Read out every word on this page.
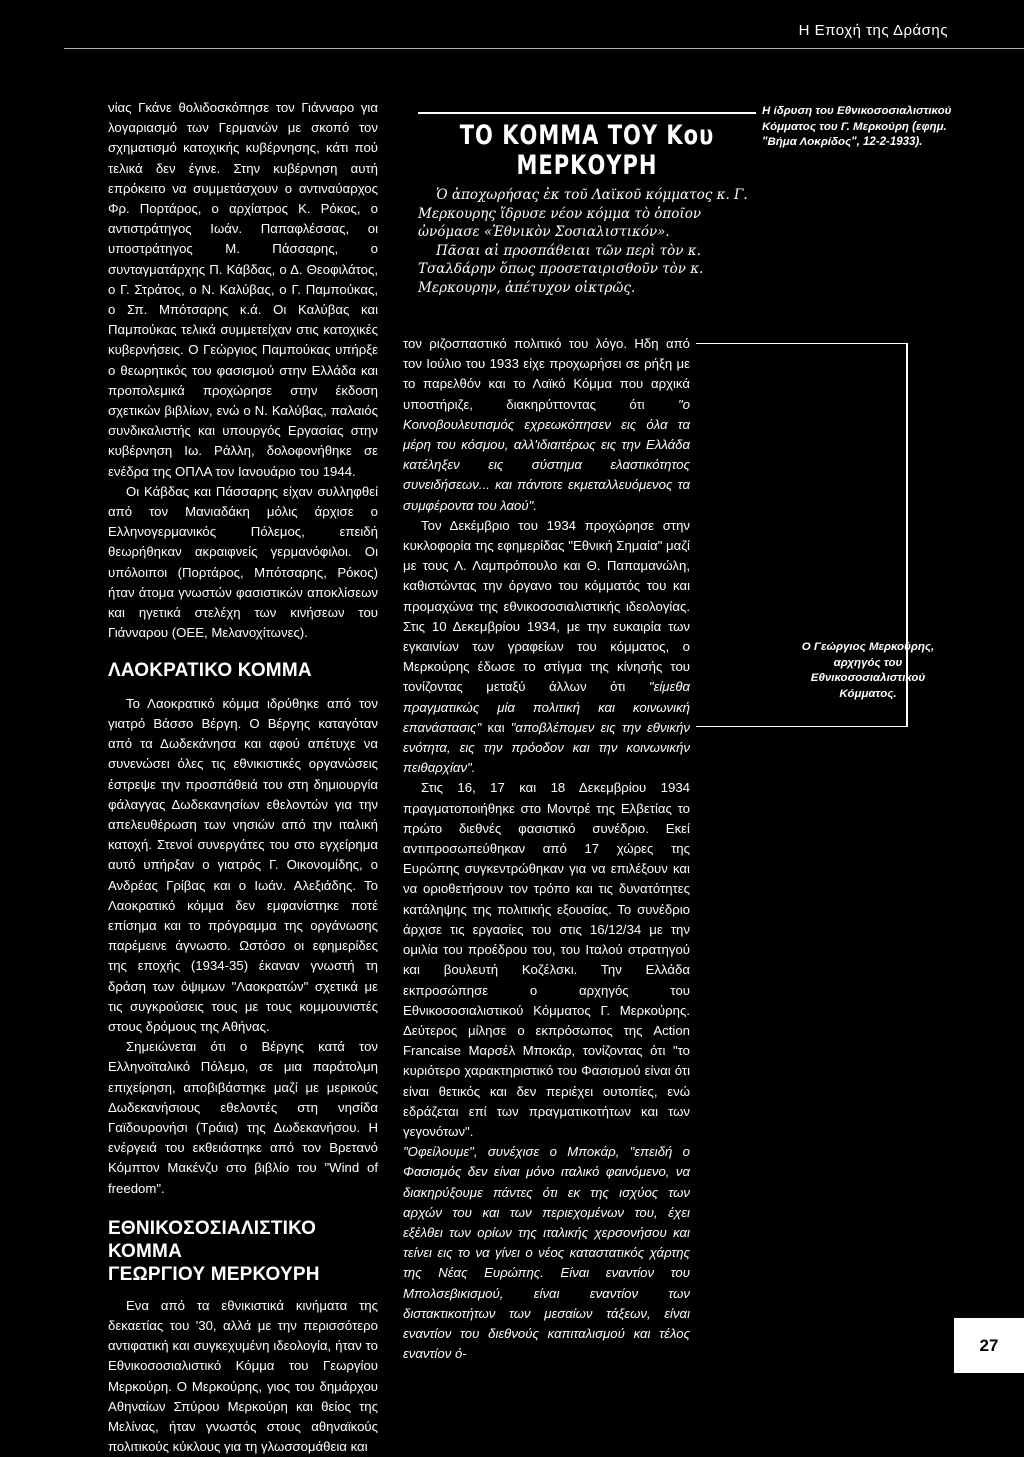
Η Εποχή της Δράσης

νίας Γκάνε θολιδοσκόπησε τον Γιάνναρο για λογαριασμό των Γερμανών με σκοπό τον σχηματισμό κατοχικής κυβέρνησης, κάτι πού τελικά δεν έγινε. Στην κυβέρνηση αυτή επρόκειτο να συμμετάσχουν ο αντιναύαρχος Φρ. Πορτάρος, ο αρχίατρος Κ. Ρόκος, ο αντιστράτηγος Ιωάν. Παπαφλέσσας, οι υποστράτηγος Μ. Πάσσαρης, ο συνταγματάρχης Π. Κάβδας, ο Δ. Θεοφιλάτος, ο Γ. Στράτος, ο Ν. Καλύβας, ο Γ. Παμπούκας, ο Σπ. Μπότσαρης κ.ά. Οι Καλύβας και Παμπούκας τελικά συμμετείχαν στις κατοχικές κυβερνήσεις. Ο Γεώργιος Παμπούκας υπήρξε ο θεωρητικός του φασισμού στην Ελλάδα και προπολεμικά προχώρησε στην έκδοση σχετικών βιβλίων, ενώ ο Ν. Καλύβας, παλαιός συνδικαλιστής και υπουργός Εργασίας στην κυβέρνηση Ιω. Ράλλη, δολοφονήθηκε σε ενέδρα της ΟΠΛΑ τον Ιανουάριο του 1944.

Οι Κάβδας και Πάσσαρης είχαν συλληφθεί από τον Μανιαδάκη μόλις άρχισε ο Ελληνογερμανικός Πόλεμος, επειδή θεωρήθηκαν ακραιφνείς γερμανόφιλοι. Οι υπόλοιποι (Πορτάρος, Μπότσαρης, Ρόκος) ήταν άτομα γνωστών φασιστικών αποκλίσεων και ηγετικά στελέχη των κινήσεων του Γιάνναρου (ΟΕΕ, Μελανοχίτωνες).

ΛΑΟΚΡΑΤΙΚΟ ΚΟΜΜΑ

Το Λαοκρατικό κόμμα ιδρύθηκε από τον γιατρό Βάσσο Βέργη. Ο Βέργης καταγόταν από τα Δωδεκάνησα και αφού απέτυχε να συνενώσει όλες τις εθνικιστικές οργανώσεις έστρεψε την προσπάθειά του στη δημιουργία φάλαγγας Δωδεκανησίων εθελοντών για την απελευθέρωση των νησιών από την ιταλική κατοχή. Στενοί συνεργάτες του στο εγχείρημα αυτό υπήρξαν ο γιατρός Γ. Οικονομίδης, ο Ανδρέας Γρίβας και ο Ιωάν. Αλεξιάδης. Το Λαοκρατικό κόμμα δεν εμφανίστηκε ποτέ επίσημα και το πρόγραμμα της οργάνωσης παρέμεινε άγνωστο. Ωστόσο οι εφημερίδες της εποχής (1934-35) έκαναν γνωστή τη δράση των όψιμων "Λαοκρατών" σχετικά με τις συγκρούσεις τους με τους κομμουνιστές στους δρόμους της Αθήνας.

Σημειώνεται ότι ο Βέργης κατά τον Ελληνοϊταλικό Πόλεμο, σε μια παράτολμη επιχείρηση, αποβιβάστηκε μαζί με μερικούς Δωδεκανήσιους εθελοντές στη νησίδα Γαϊδουρονήσι (Τράια) της Δωδεκανήσου. Η ενέργειά του εκθειάστηκε από τον Βρετανό Κόμπτον Μακένζυ στο βιβλίο του "Wind of freedom".

ΕΘΝΙΚΟΣΟΣΙΑΛΙΣΤΙΚΟ ΚΟΜΜΑ
ΓΕΩΡΓΙΟΥ ΜΕΡΚΟΥΡΗ

Ενα από τα εθνικιστικά κινήματα της δεκαετίας του '30, αλλά με την περισσότερο αντιφατική και συγκεχυμένη ιδεολογία, ήταν το Εθνικοσοσιαλιστικό Κόμμα του Γεωργίου Μερκούρη. Ο Μερκούρης, γιος του δημάρχου Αθηναίων Σπύρου Μερκούρη και θείος της Μελίνας, ήταν γνωστός στους αθηναϊκούς πολιτικούς κύκλους για τη γλωσσομάθεια και

ΤΟ ΚΟΜΜΑ ΤΟΥ Κου ΜΕΡΚΟΥΡΗ

Ὁ ἀποχωρήσας ἐκ τοῦ Λαϊκοῦ κόμματος κ. Γ. Μερκουρης ἵδρυσε νέον κόμμα τὸ ὁποῖον ὠνόμασε «Ἐθνικὸν Σοσιαλιστικόν».

Πᾶσαι αἱ προσπάθειαι τῶν περὶ τὸν κ. Τσαλδάρην ὅπως προσεταιρισθοῦν τὸν κ. Μερκουρην, ἀπέτυχον οἰκτρῶς.

Η ίδρυση του Εθνικοσοσιαλιστικού Κόμματος του Γ. Μερκούρη (εφημ. "Βήμα Λοκρίδος", 12-2-1933).
Ο Γεώργιος Μερκούρης, αρχηγός του Εθνικοσοσιαλιστικού Κόμματος.

τον ριζοσπαστικό πολιτικό του λόγο. Ηδη από τον Ιούλιο του 1933 είχε προχωρήσει σε ρήξη με το παρελθόν και το Λαϊκό Κόμμα που αρχικά υποστήριζε, διακηρύττοντας ότι	"ο Κοινοβουλευτισμός εχρεωκόπησεν εις όλα τα μέρη του κόσμου, αλλ'ιδιαιτέρως εις την Ελλάδα κατέληξεν εις σύστημα ελαστικότητος συνειδήσεων... και πάντοτε εκμεταλλευόμενος τα συμφέροντα του λαού".

Τον Δεκέμβριο του 1934 προχώρησε στην κυκλοφορία της εφημερίδας "Εθνική Σημαία" μαζί με τους Λ. Λαμπρόπουλο και Θ. Παπαμανώλη, καθιστώντας την όργανο του κόμματός του και προμαχώνα της εθνικοσοσιαλιστικής ιδεολογίας. Στις 10 Δεκεμβρίου 1934, με την ευκαιρία των εγκαινίων των γραφείων του κόμματος, ο Μερκούρης έδωσε το στίγμα της κίνησής του τονίζοντας μεταξύ άλλων ότι "είμεθα πραγματικώς μία πολιτική και κοινωνική επανάστασις" και "αποβλέπομεν εις την εθνικήν ενότητα, εις την πρόοδον και την κοινωνικήν πειθαρχίαν".

Στις 16, 17 και 18 Δεκεμβρίου 1934 πραγματοποιήθηκε στο Μοντρέ της Ελβετίας το πρώτο διεθνές φασιστικό συνέδριο. Εκεί αντιπροσωπεύθηκαν από 17 χώρες της Ευρώπης συγκεντρώθηκαν για να επιλέξουν και να οριοθετήσουν τον τρόπο και τις δυνατότητες κατάληψης της πολιτικής εξουσίας. Το συνέδριο άρχισε τις εργασίες του στις 16/12/34 με την ομιλία του προέδρου του, του Ιταλού στρατηγού και βουλευτή Κοζέλσκι. Την Ελλάδα εκπροσώπησε ο αρχηγός του Εθνικοσοσιαλιστικού Κόμματος Γ. Μερκούρης. Δεύτερος μίλησε ο εκπρόσωπος της Action Francaise Μαρσέλ Μποκάρ, τονίζοντας ότι "το κυριότερο χαρακτηριστικό του Φασισμού είναι ότι είναι θετικός και δεν περιέχει ουτοπίες, ενώ εδράζεται επί των πραγματικοτήτων και των γεγονότων".

"Οφείλουμε", συνέχισε ο Μποκάρ, "επειδή ο Φασισμός δεν είναι μόνο ιταλικό φαινόμενο, να διακηρύξουμε πάντες ότι εκ της ισχύος των αρχών του και των περιεχομένων του, έχει εξέλθει των ορίων της ιταλικής χερσονήσου και τείνει εις το να γίνει ο νέος καταστατικός χάρτης της Νέας Ευρώπης. Είναι εναντίον του Μπολσεβικισμού, είναι εναντίον των διστακτικοτήτων των μεσαίων τάξεων, είναι εναντίον του διεθνούς καπιταλισμού και τέλος εναντίον ό-	27
